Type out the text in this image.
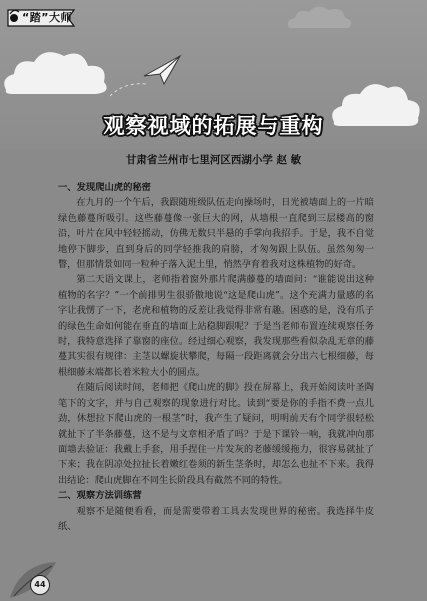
“踏”大师
观察视域的拓展与重构
甘肃省兰州市七里河区西湖小学 赵 敏
一、发现爬山虎的秘密

在九月的一个午后，我跟随班级队伍走向操场时，日光被墙面上的一片暗绿色藤蔓所吸引。这些藤蔓像一张巨大的网，从墙根一直爬到三层楼高的窗沿，叶片在风中轻轻摇动，仿佛无数只半悬的手掌向我招手。于是，我不自觉地停下脚步，直到身后的同学轻推我的肩膀，才匆匆跟上队伍。虽然匆匆一瞥，但那情景如同一粒种子落入泥土里，悄然孕育着我对这株植物的好奇。

第二天语文课上，老师指着窗外那片爬满藤蔓的墙面问：“谁能说出这种植物的名字？”一个前排男生很骄傲地说“这是爬山虎”。这个充满力量感的名字让我愣了一下，老虎和植物的反差让我觉得非常有趣。困惑的是，没有爪子的绿色生命如何能在垂直的墙面上站稳脚跟呢？于是当老师布置连续观察任务时，我特意选择了靠窗的座位。经过细心观察，我发现那些看似杂乱无章的藤蔓其实很有规律：主茎以螺旋状攀爬，每隔一段距离就会分出六七根细藤，每根细藤末端都长着米粒大小的圆点。

在随后阅读时间，老师把《爬山虎的脚》投在屏幕上，我开始阅读叶圣陶笔下的文字，并与自己观察的现象进行对比。读到“要是你的手指不费一点儿劲，休想拉下爬山虎的一根茎”时，我产生了疑问，明明前天有个同学很轻松就扯下了半条藤蔓，这不是与文章相矛盾了吗？于是下课铃一响，我就冲向那面墙去验证：我戴上手套，用手捏住一片发灰的老藤缓缓拖力，很容易就扯了下来；我在阴凉处拉扯长着嫩红卷须的新生茎条时，却怎么也扯不下来。我得出结论：爬山虎脚在不同生长阶段具有截然不同的特性。

二、观察方法训练营

观察不是随便看看，而是需要带着工具去发现世界的秘密。我选择牛皮纸、

44
